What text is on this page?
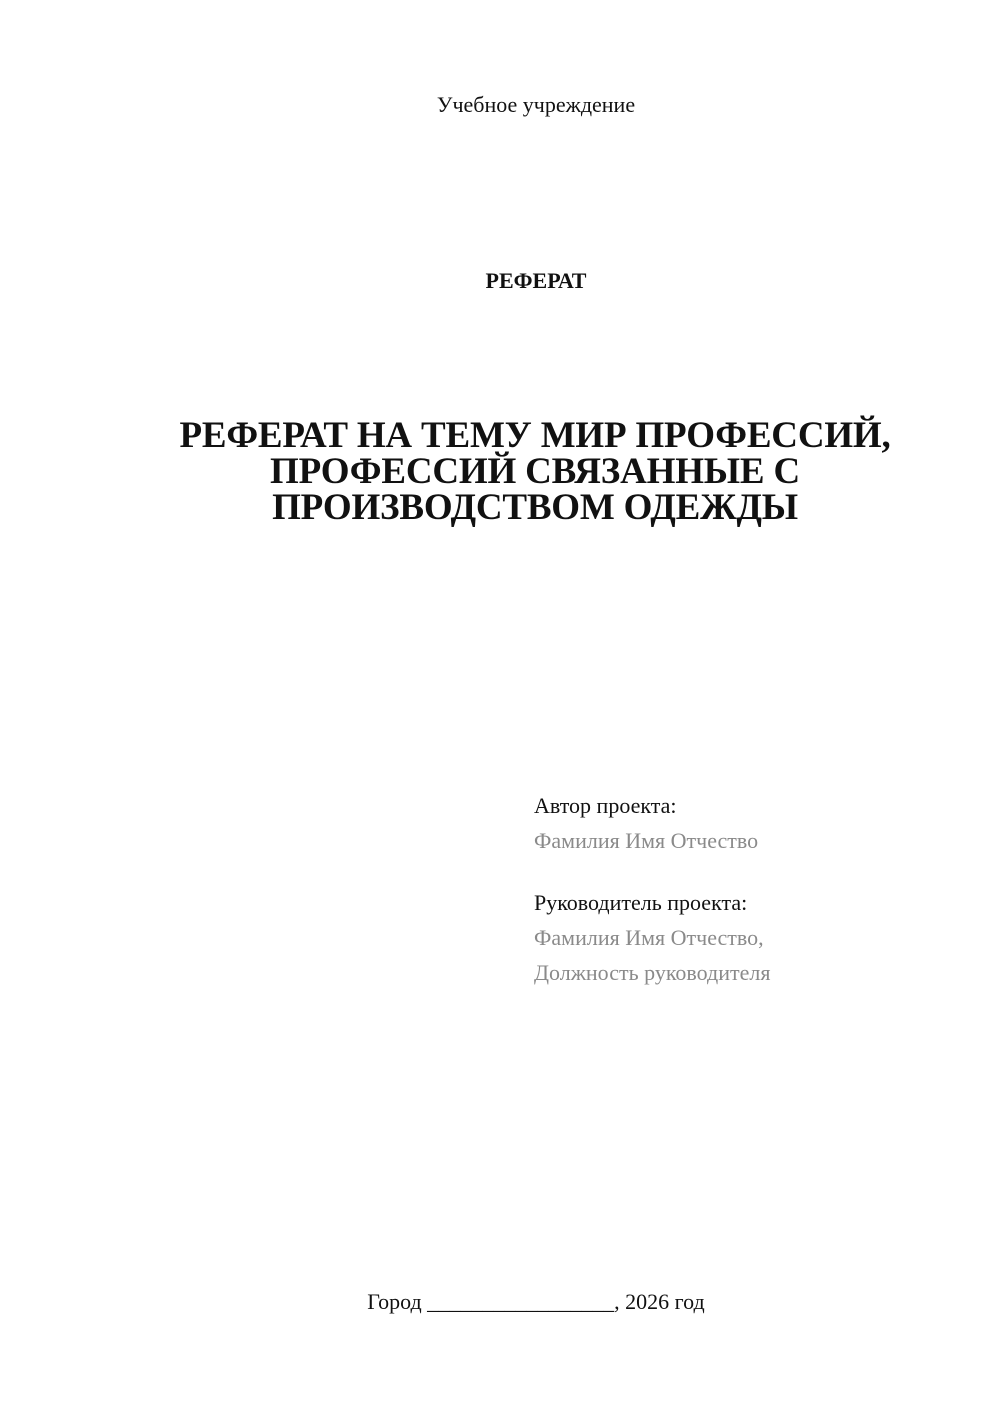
Учебное учреждение
РЕФЕРАТ
РЕФЕРАТ НА ТЕМУ МИР ПРОФЕССИЙ,
ПРОФЕССИЙ СВЯЗАННЫЕ С
ПРОИЗВОДСТВОМ ОДЕЖДЫ
Автор проекта:
Фамилия Имя Отчество
Руководитель проекта:
Фамилия Имя Отчество,
Должность руководителя
Город _________________, 2026 год
